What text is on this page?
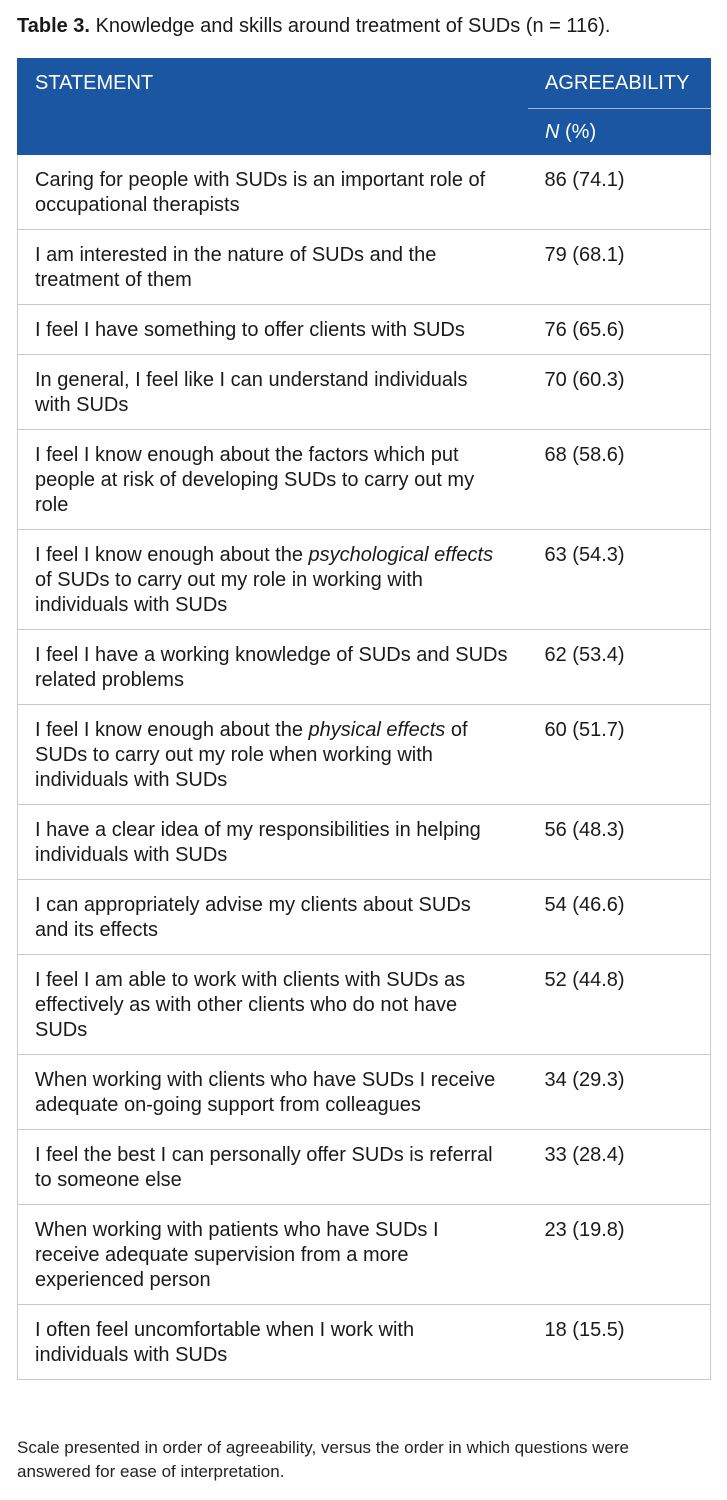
Table 3. Knowledge and skills around treatment of SUDs (n = 116).
STATEMENT	AGREEABILITY
	N (%)
Caring for people with SUDs is an important role of occupational therapists	86 (74.1)
I am interested in the nature of SUDs and the treatment of them	79 (68.1)
I feel I have something to offer clients with SUDs	76 (65.6)
In general, I feel like I can understand individuals with SUDs	70 (60.3)
I feel I know enough about the factors which put people at risk of developing SUDs to carry out my role	68 (58.6)
I feel I know enough about the psychological effects of SUDs to carry out my role in working with individuals with SUDs	63 (54.3)
I feel I have a working knowledge of SUDs and SUDs related problems	62 (53.4)
I feel I know enough about the physical effects of SUDs to carry out my role when working with individuals with SUDs	60 (51.7)
I have a clear idea of my responsibilities in helping individuals with SUDs	56 (48.3)
I can appropriately advise my clients about SUDs and its effects	54 (46.6)
I feel I am able to work with clients with SUDs as effectively as with other clients who do not have SUDs	52 (44.8)
When working with clients who have SUDs I receive adequate on-going support from colleagues	34 (29.3)
I feel the best I can personally offer SUDs is referral to someone else	33 (28.4)
When working with patients who have SUDs I receive adequate supervision from a more experienced person	23 (19.8)
I often feel uncomfortable when I work with individuals with SUDs	18 (15.5)
Scale presented in order of agreeability, versus the order in which questions were answered for ease of interpretation.
